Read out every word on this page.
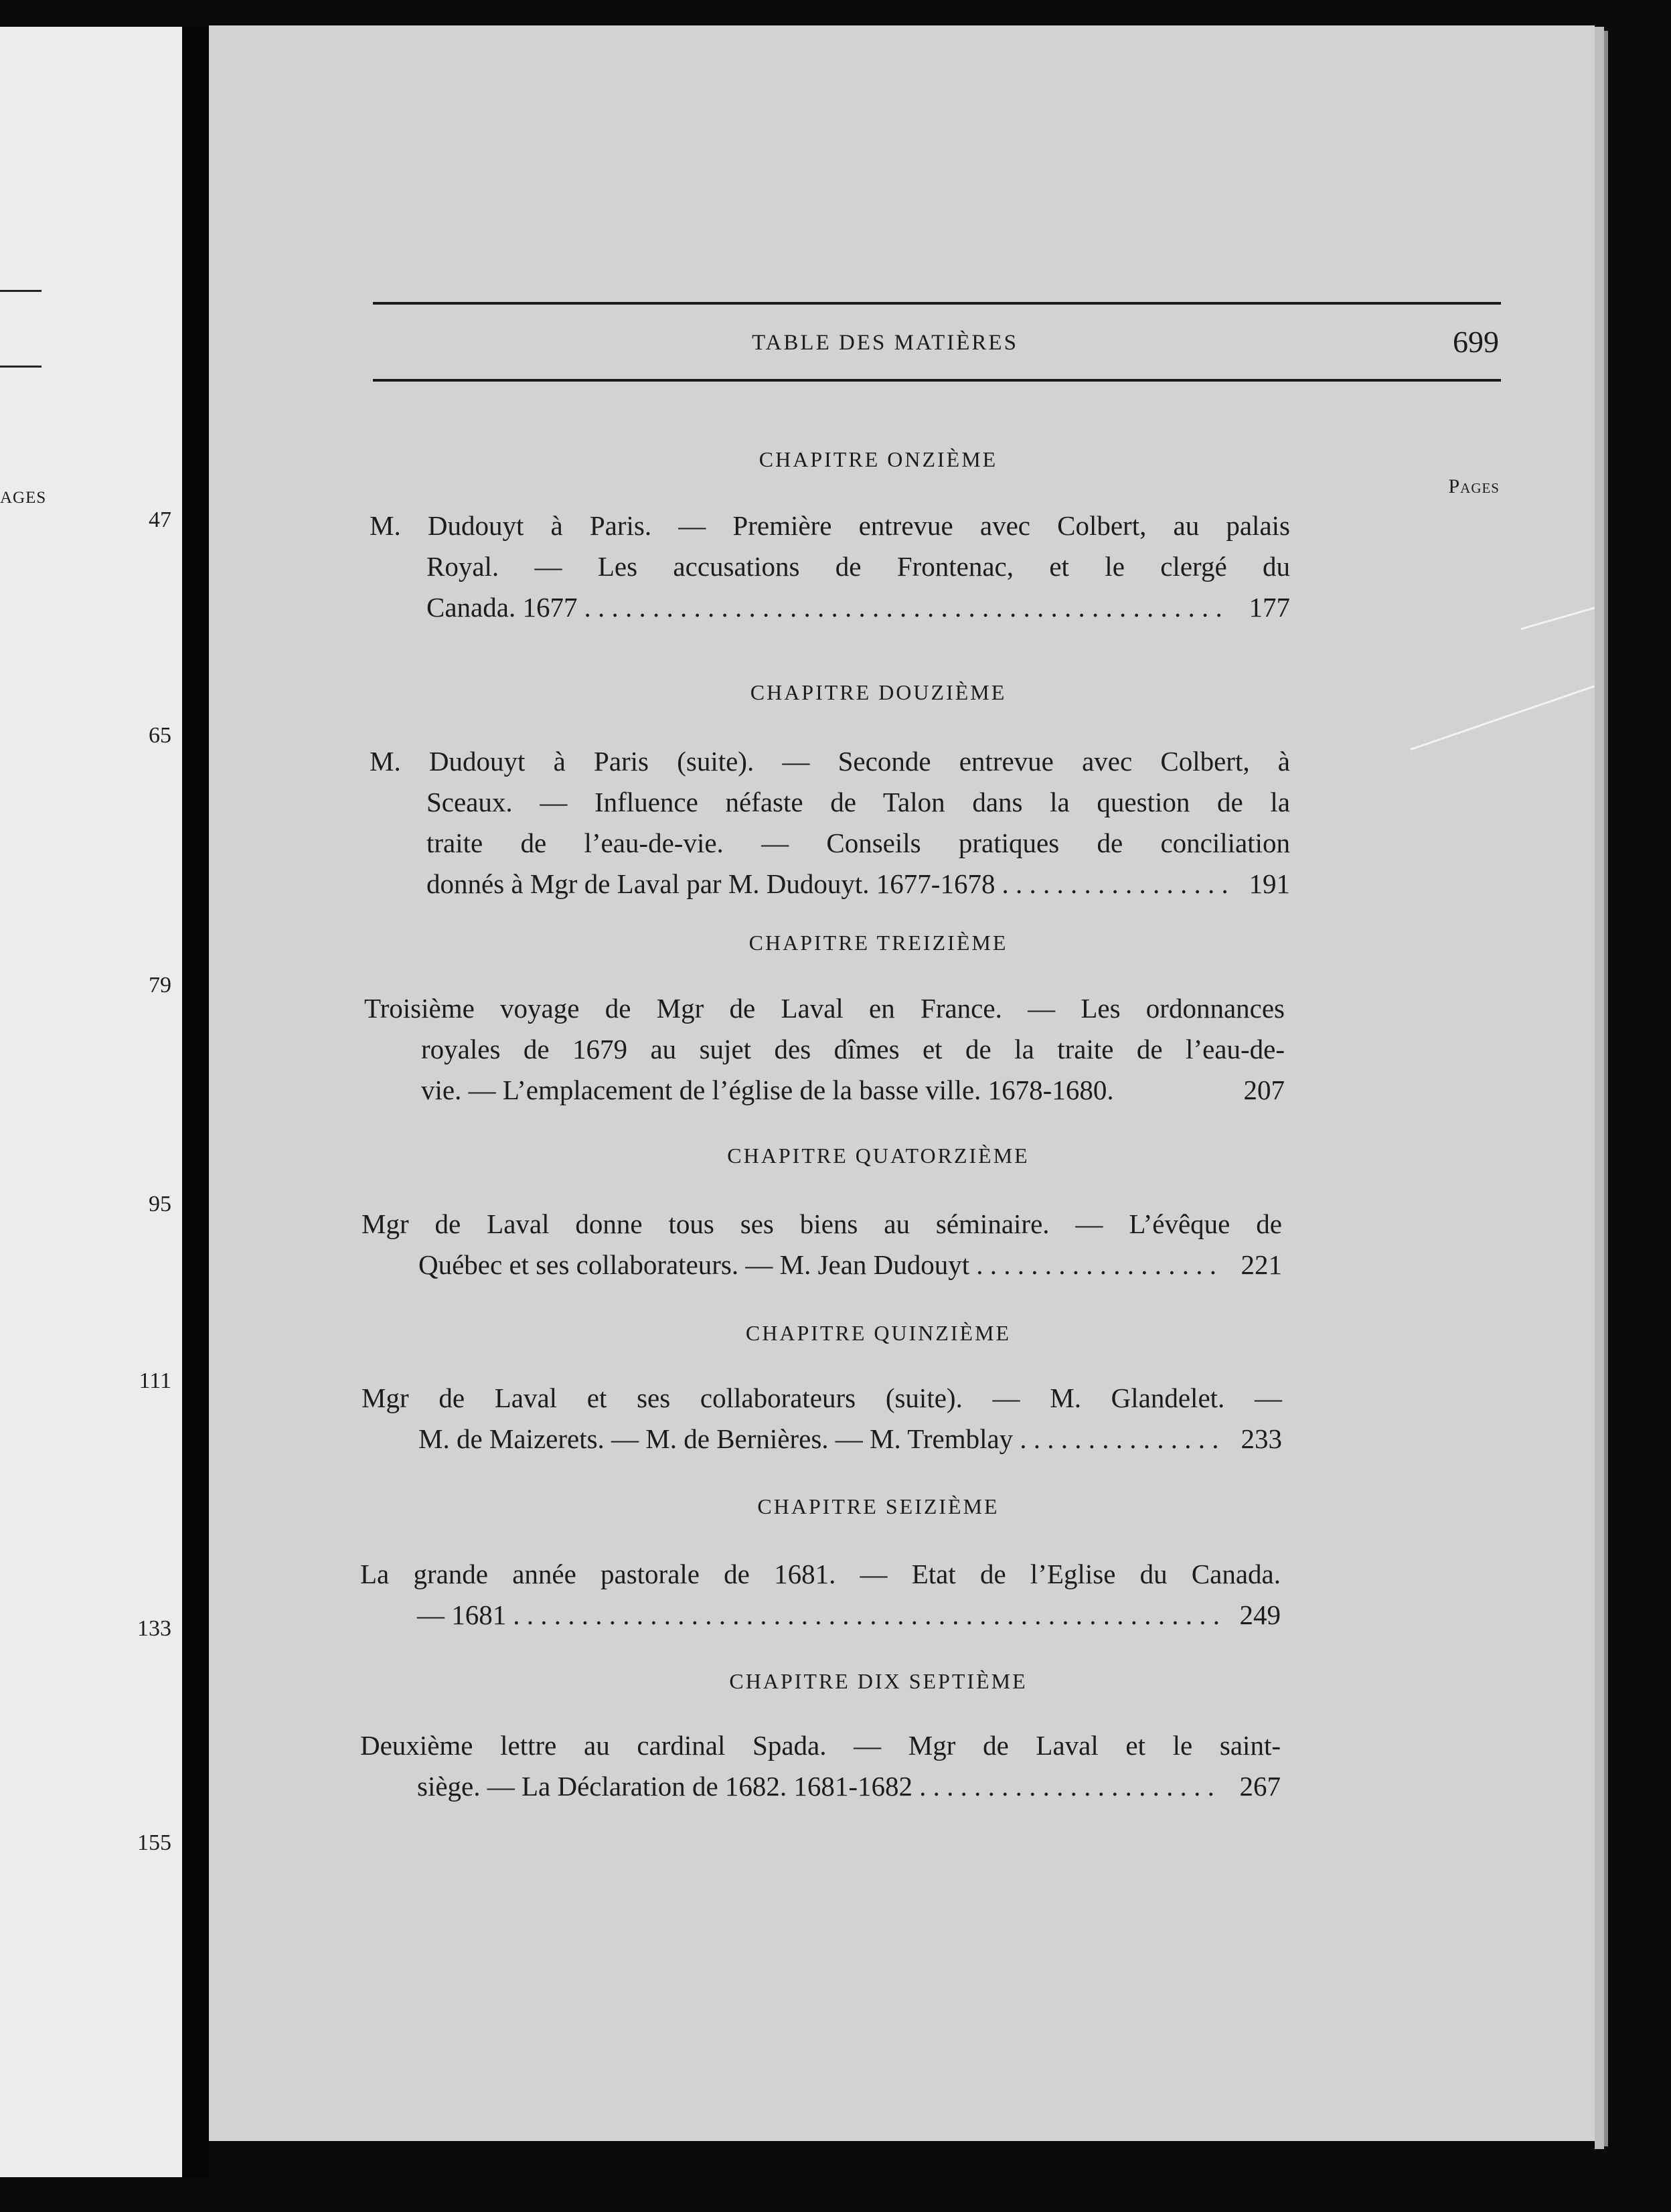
AGES
47
65
79
95
111
133
155
TABLE DES MATIÈRES	699
Pages
CHAPITRE ONZIÈME
M. Dudouyt à Paris. — Première entrevue avec Colbert, au palais
Royal. — Les accusations de Frontenac, et le clergé du
Canada. 1677 . . .	177
CHAPITRE DOUZIÈME
M. Dudouyt à Paris (suite). — Seconde entrevue avec Colbert, à
Sceaux. — Influence néfaste de Talon dans la question de la
traite de l’eau-de-vie. — Conseils pratiques de conciliation
donnés à Mgr de Laval par M. Dudouyt. 1677-1678 . . .	191
CHAPITRE TREIZIÈME
Troisième voyage de Mgr de Laval en France. — Les ordonnances
royales de 1679 au sujet des dîmes et de la traite de l’eau-de-
vie. — L’emplacement de l’église de la basse ville. 1678-1680.	207
CHAPITRE QUATORZIÈME
Mgr de Laval donne tous ses biens au séminaire. — L’évêque de
Québec et ses collaborateurs. — M. Jean Dudouyt . . .	221
CHAPITRE QUINZIÈME
Mgr de Laval et ses collaborateurs (suite). — M. Glandelet. —
M. de Maizerets. — M. de Bernières. — M. Tremblay . . .	233
CHAPITRE SEIZIÈME
La grande année pastorale de 1681. — Etat de l’Eglise du Canada.
— 1681 . . .	249
CHAPITRE DIX SEPTIÈME
Deuxième lettre au cardinal Spada. — Mgr de Laval et le saint-
siège. — La Déclaration de 1682. 1681-1682 . . .	267
